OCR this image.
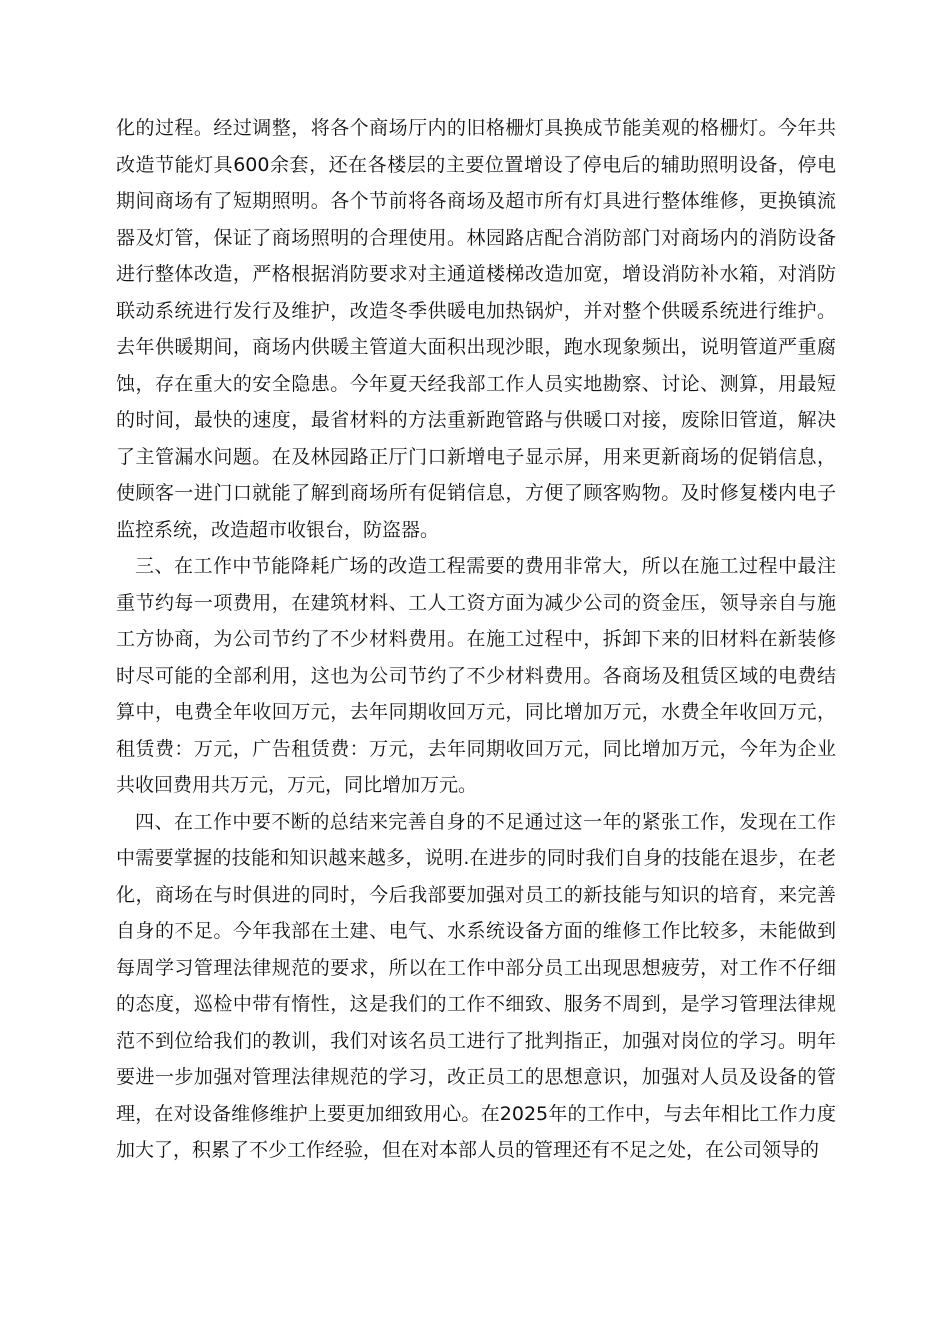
化的过程。经过调整，将各个商场厅内的旧格栅灯具换成节能美观的格栅灯。今年共改造节能灯具600余套，还在各楼层的主要位置增设了停电后的辅助照明设备，停电期间商场有了短期照明。各个节前将各商场及超市所有灯具进行整体维修，更换镇流器及灯管，保证了商场照明的合理使用。林园路店配合消防部门对商场内的消防设备进行整体改造，严格根据消防要求对主通道楼梯改造加宽，增设消防补水箱，对消防联动系统进行发行及维护，改造冬季供暖电加热锅炉，并对整个供暖系统进行维护。去年供暖期间，商场内供暖主管道大面积出现沙眼，跑水现象频出，说明管道严重腐蚀，存在重大的安全隐患。今年夏天经我部工作人员实地勘察、讨论、测算，用最短的时间，最快的速度，最省材料的方法重新跑管路与供暖口对接，废除旧管道，解决了主管漏水问题。在及林园路正厅门口新增电子显示屏，用来更新商场的促销信息，使顾客一进门口就能了解到商场所有促销信息，方便了顾客购物。及时修复楼内电子监控系统，改造超市收银台，防盗器。

三、在工作中节能降耗广场的改造工程需要的费用非常大，所以在施工过程中最注重节约每一项费用，在建筑材料、工人工资方面为减少公司的资金压，领导亲自与施工方协商，为公司节约了不少材料费用。在施工过程中，拆卸下来的旧材料在新装修时尽可能的全部利用，这也为公司节约了不少材料费用。各商场及租赁区域的电费结算中，电费全年收回万元，去年同期收回万元，同比增加万元，水费全年收回万元，租赁费：万元，广告租赁费：万元，去年同期收回万元，同比增加万元，今年为企业共收回费用共万元，万元，同比增加万元。

四、在工作中要不断的总结来完善自身的不足通过这一年的紧张工作，发现在工作中需要掌握的技能和知识越来越多，说明.在进步的同时我们自身的技能在退步，在老化，商场在与时俱进的同时，今后我部要加强对员工的新技能与知识的培育，来完善自身的不足。今年我部在土建、电气、水系统设备方面的维修工作比较多，未能做到每周学习管理法律规范的要求，所以在工作中部分员工出现思想疲劳，对工作不仔细的态度，巡检中带有惰性，这是我们的工作不细致、服务不周到，是学习管理法律规范不到位给我们的教训，我们对该名员工进行了批判指正，加强对岗位的学习。明年要进一步加强对管理法律规范的学习，改正员工的思想意识，加强对人员及设备的管理，在对设备维修维护上要更加细致用心。在2025年的工作中，与去年相比工作力度加大了，积累了不少工作经验，但在对本部人员的管理还有不足之处，在公司领导的
